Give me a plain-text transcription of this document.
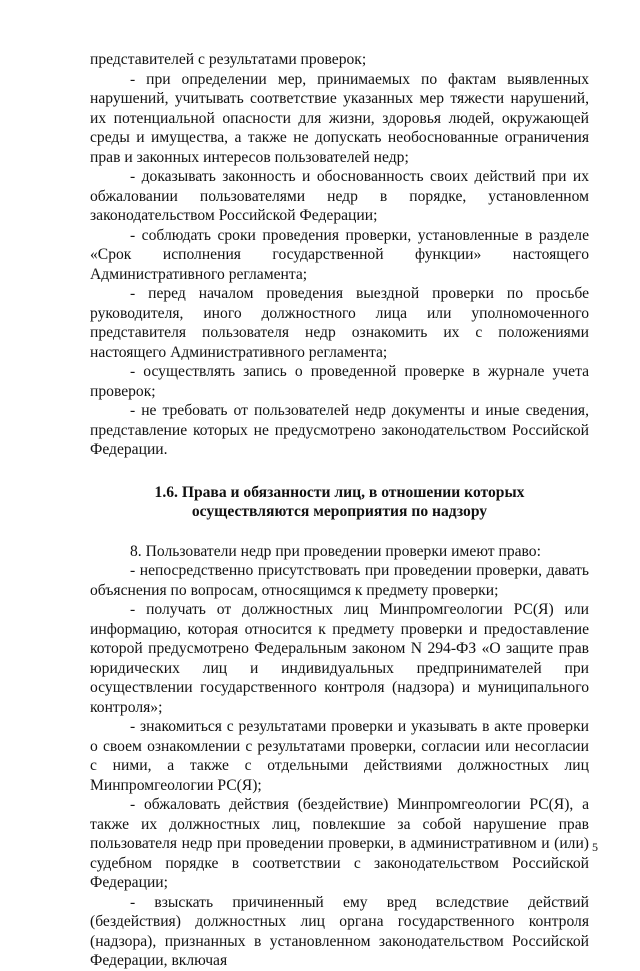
представителей с результатами проверок;

- при определении мер, принимаемых по фактам выявленных нарушений, учитывать соответствие указанных мер тяжести нарушений, их потенциальной опасности для жизни, здоровья людей, окружающей среды и имущества, а также не допускать необоснованные ограничения прав и законных интересов пользователей недр;

- доказывать законность и обоснованность своих действий при их обжаловании пользователями недр в порядке, установленном законодательством Российской Федерации;

- соблюдать сроки проведения проверки, установленные в разделе «Срок исполнения государственной функции» настоящего Административного регламента;

- перед началом проведения выездной проверки по просьбе руководителя, иного должностного лица или уполномоченного представителя пользователя недр ознакомить их с положениями настоящего Административного регламента;

- осуществлять запись о проведенной проверке в журнале учета проверок;

- не требовать от пользователей недр документы и иные сведения, представление которых не предусмотрено законодательством Российской Федерации.

1.6. Права и обязанности лиц, в отношении которых
осуществляются мероприятия по надзору

8. Пользователи недр при проведении проверки имеют право:

- непосредственно присутствовать при проведении проверки, давать объяснения по вопросам, относящимся к предмету проверки;

- получать от должностных лиц Минпромгеологии РС(Я) или информацию, которая относится к предмету проверки и предоставление которой предусмотрено Федеральным законом N 294-ФЗ «О защите прав юридических лиц и индивидуальных предпринимателей при осуществлении государственного контроля (надзора) и муниципального контроля»;

- знакомиться с результатами проверки и указывать в акте проверки о своем ознакомлении с результатами проверки, согласии или несогласии с ними, а также с отдельными действиями должностных лиц Минпромгеологии РС(Я);

- обжаловать действия (бездействие) Минпромгеологии РС(Я), а также их должностных лиц, повлекшие за собой нарушение прав пользователя недр при проведении проверки, в административном и (или) судебном порядке в соответствии с законодательством Российской Федерации;

- взыскать причиненный ему вред вследствие действий (бездействия) должностных лиц органа государственного контроля (надзора), признанных в установленном законодательством Российской Федерации, включая

5
